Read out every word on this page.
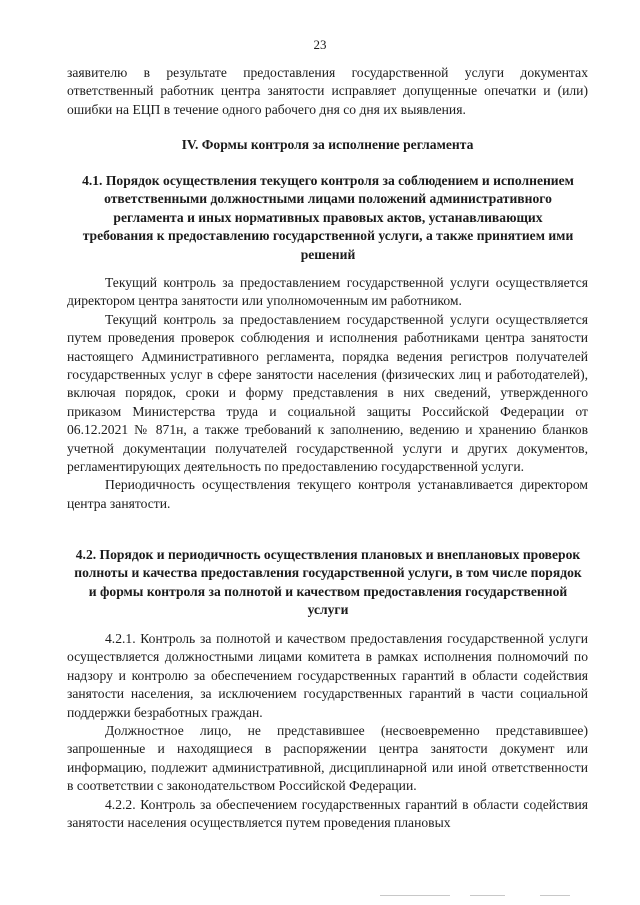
23

заявителю в результате предоставления государственной услуги документах ответственный работник центра занятости исправляет допущенные опечатки и (или) ошибки на ЕЦП в течение одного рабочего дня со дня их выявления.

IV. Формы контроля за исполнение регламента
4.1. Порядок осуществления текущего контроля за соблюдением и исполнением ответственными должностными лицами положений административного регламента и иных нормативных правовых актов, устанавливающих требования к предоставлению государственной услуги, а также принятием ими решений

Текущий контроль за предоставлением государственной услуги осуществляется директором центра занятости или уполномоченным им работником.

Текущий контроль за предоставлением государственной услуги осуществляется путем проведения проверок соблюдения и исполнения работниками центра занятости настоящего Административного регламента, порядка ведения регистров получателей государственных услуг в сфере занятости населения (физических лиц и работодателей), включая порядок, сроки и форму представления в них сведений, утвержденного приказом Министерства труда и социальной защиты Российской Федерации от 06.12.2021 № 871н, а также требований к заполнению, ведению и хранению бланков учетной документации получателей государственной услуги и других документов, регламентирующих деятельность по предоставлению государственной услуги.

Периодичность осуществления текущего контроля устанавливается директором центра занятости.

4.2. Порядок и периодичность осуществления плановых и внеплановых проверок полноты и качества предоставления государственной услуги, в том числе порядок и формы контроля за полнотой и качеством предоставления государственной услуги

4.2.1. Контроль за полнотой и качеством предоставления государственной услуги осуществляется должностными лицами комитета в рамках исполнения полномочий по надзору и контролю за обеспечением государственных гарантий в области содействия занятости населения, за исключением государственных гарантий в части социальной поддержки безработных граждан.

Должностное лицо, не представившее (несвоевременно представившее) запрошенные и находящиеся в распоряжении центра занятости документ или информацию, подлежит административной, дисциплинарной или иной ответственности в соответствии с законодательством Российской Федерации.

4.2.2. Контроль за обеспечением государственных гарантий в области содействия занятости населения осуществляется путем проведения плановых
